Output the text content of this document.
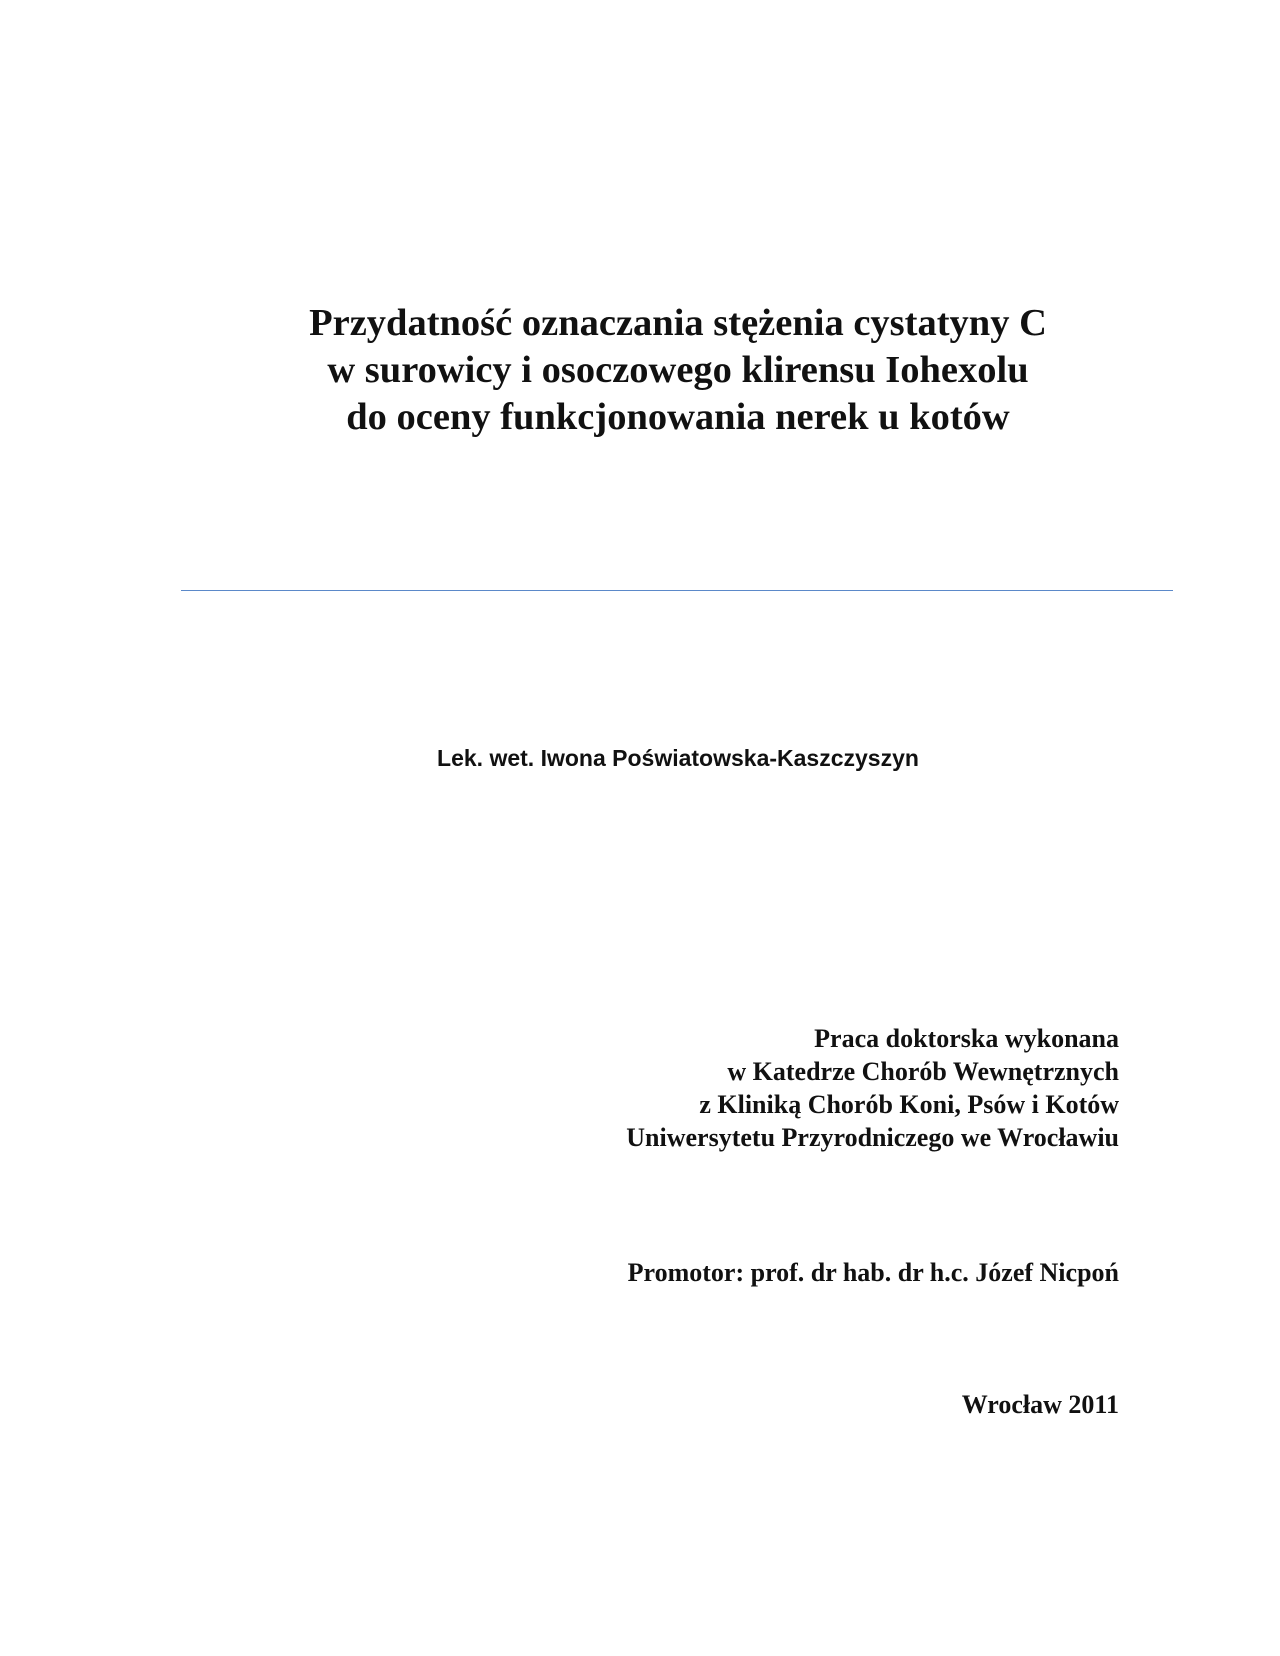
Przydatność oznaczania stężenia cystatyny C
w surowicy i osoczowego klirensu Iohexolu
do oceny funkcjonowania nerek u kotów
Lek. wet. Iwona Poświatowska-Kaszczyszyn
Praca doktorska wykonana
w Katedrze Chorób Wewnętrznych
z Kliniką Chorób Koni, Psów i Kotów
Uniwersytetu Przyrodniczego we Wrocławiu
Promotor: prof. dr hab. dr h.c. Józef Nicpoń
Wrocław 2011
